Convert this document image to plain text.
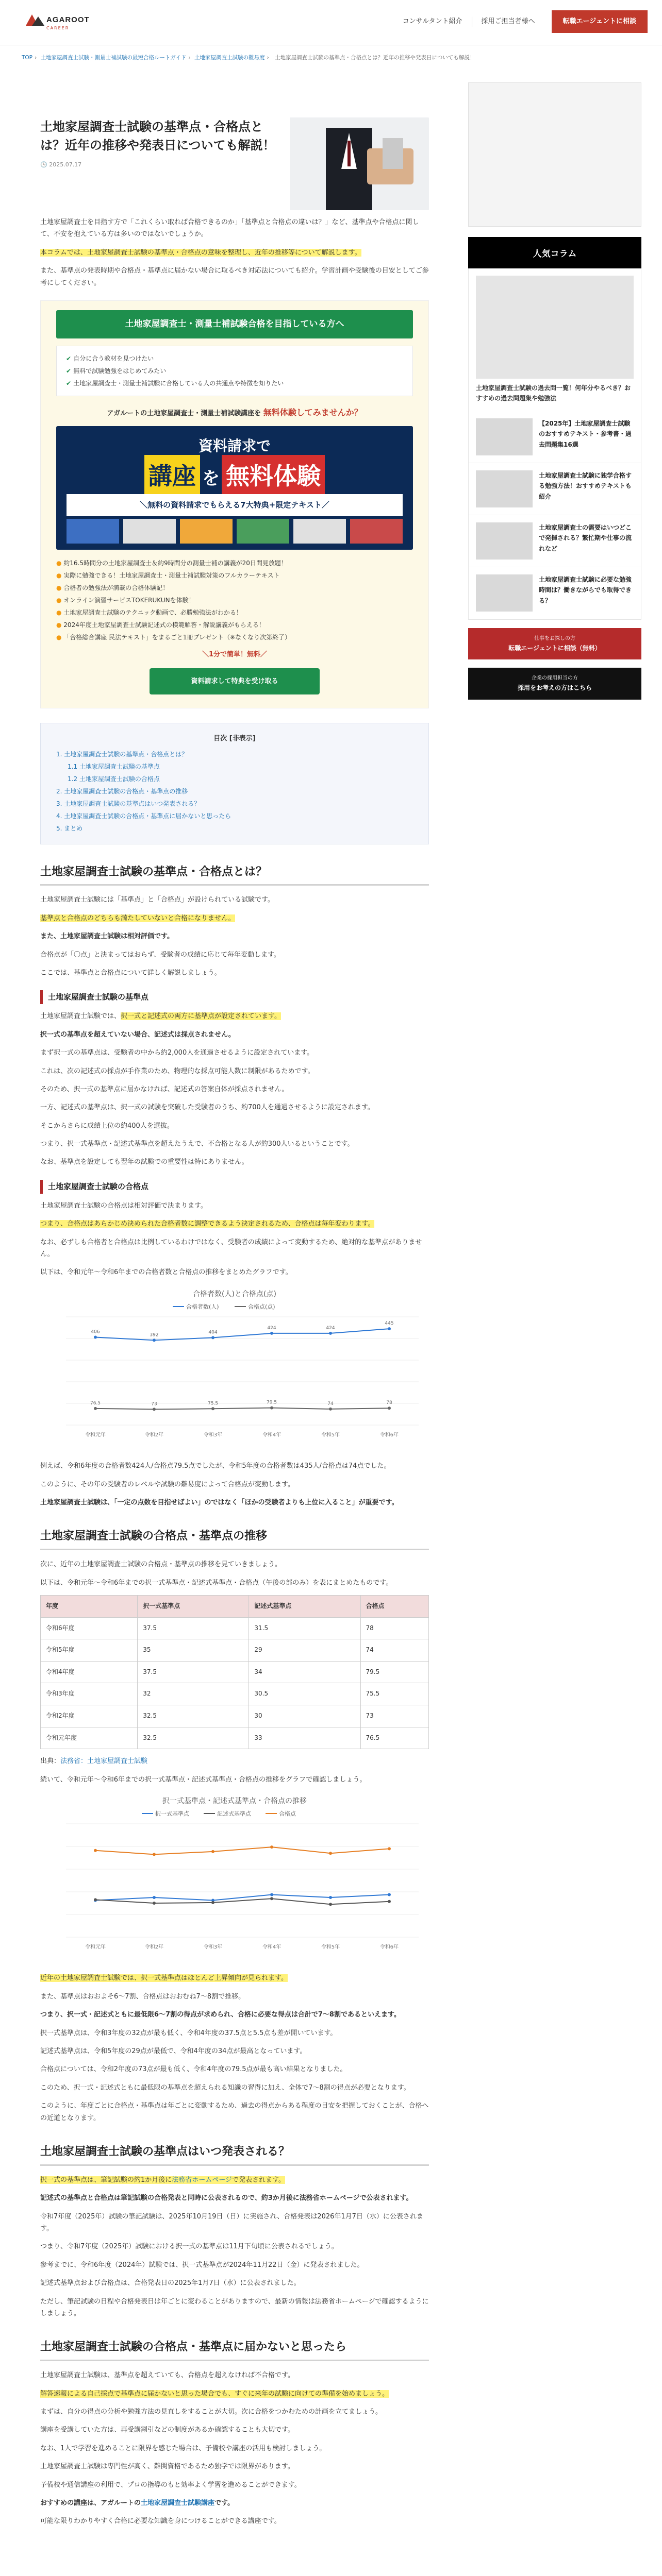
AGAROOT
CAREER
コンサルタント紹介	採用ご担当者様へ	転職エージェントに相談
TOP › 土地家屋調査士試験・測量士補試験の最短合格ルートガイド › 土地家屋調査士試験の難易度 › 土地家屋調査士試験の基準点・合格点とは？近年の推移や発表日についても解説！
土地家屋調査士試験の基準点・合格点とは？近年の推移や発表日についても解説！
🕓 2025.07.17

土地家屋調査士を目指す方で「これくらい取れば合格できるのか」「基準点と合格点の違いは？」など、基準点や合格点に関して、不安を抱えている方は多いのではないでしょうか。

本コラムでは、土地家屋調査士試験の基準点・合格点の意味を整理し、近年の推移等について解説します。

また、基準点の発表時期や合格点・基準点に届かない場合に取るべき対応法についても紹介。学習計画や受験後の目安としてご参考にしてください。

土地家屋調査士・測量士補試験合格を目指している方へ
✔ 自分に合う教材を見つけたい
✔ 無料で試験勉強をはじめてみたい
✔ 土地家屋調査士・測量士補試験に合格している人の共通点や特徴を知りたい
アガルートの土地家屋調査士・測量士補試験講座を 無料体験してみませんか？
資料請求で
講座 を 無料体験
＼無料の資料請求でもらえる7大特典+限定テキスト／
● 約16.5時間分の土地家屋調査士＆約9時間分の測量士補の講義が20日間見放題！
● 実際に勉強できる！土地家屋調査士・測量士補試験対策のフルカラーテキスト
● 合格者の勉強法が満載の合格体験記！
● オンライン演習サービスTOKERUKUNを体験！
● 土地家屋調査士試験のテクニック動画で、必勝勉強法がわかる！
● 2024年度土地家屋調査士試験記述式の模範解答・解説講義がもらえる！
● 「合格総合講座 民法テキスト」をまるごと1冊プレゼント（※なくなり次第終了）
＼1分で簡単！無料／
資料請求して特典を受け取る
目次 [非表示]
1. 土地家屋調査士試験の基準点・合格点とは？
1.1 土地家屋調査士試験の基準点
1.2 土地家屋調査士試験の合格点
2. 土地家屋調査士試験の合格点・基準点の推移
3. 土地家屋調査士試験の基準点はいつ発表される？
4. 土地家屋調査士試験の合格点・基準点に届かないと思ったら
5. まとめ
土地家屋調査士試験の基準点・合格点とは？

土地家屋調査士試験には「基準点」と「合格点」が設けられている試験です。

基準点と合格点のどちらも満たしていないと合格になりません。

また、土地家屋調査士試験は相対評価です。

合格点が「〇点」と決まってはおらず、受験者の成績に応じて毎年変動します。

ここでは、基準点と合格点について詳しく解説しましょう。

土地家屋調査士試験の基準点

土地家屋調査士試験では、択一式と記述式の両方に基準点が設定されています。

択一式の基準点を超えていない場合、記述式は採点されません。

まず択一式の基準点は、受験者の中から約2,000人を通過させるように設定されています。

これは、次の記述式の採点が手作業のため、物理的な採点可能人数に制限があるためです。

そのため、択一式の基準点に届かなければ、記述式の答案自体が採点されません。

一方、記述式の基準点は、択一式の試験を突破した受験者のうち、約700人を通過させるように設定されます。

そこからさらに成績上位の約400人を選抜。

つまり、択一式基準点・記述式基準点を超えたうえで、不合格となる人が約300人いるということです。

なお、基準点を設定しても翌年の試験での重要性は特にありません。

土地家屋調査士試験の合格点

土地家屋調査士試験の合格点は相対評価で決まります。

つまり、合格点はあらかじめ決められた合格者数に調整できるよう決定されるため、合格点は毎年変わります。

なお、必ずしも合格者と合格点は比例しているわけではなく、受験者の成績によって変動するため、絶対的な基準点がありません。

以下は、令和元年〜令和6年までの合格者数と合格点の推移をまとめたグラフです。

合格者数(人)と合格点(点)
合格者数(人)	合格点(点)
令和元年	令和2年	令和3年	令和4年	令和5年	令和6年
406
392
404
424	424
445
76.5	73	75.5	79.5	74	78

例えば、令和6年度の合格者数424人/合格点79.5点でしたが、令和5年度の合格者数は435人/合格点は74点でした。

このように、その年の受験者のレベルや試験の難易度によって合格点が変動します。

土地家屋調査士試験は、「一定の点数を目指せばよい」のではなく「ほかの受験者よりも上位に入ること」が重要です。

土地家屋調査士試験の合格点・基準点の推移

次に、近年の土地家屋調査士試験の合格点・基準点の推移を見ていきましょう。

以下は、令和元年〜令和6年までの択一式基準点・記述式基準点・合格点（午後の部のみ）を表にまとめたものです。

年度	択一式基準点	記述式基準点	合格点
令和6年度	37.5	31.5	78
令和5年度	35	29	74
令和4年度	37.5	34	79.5
令和3年度	32	30.5	75.5
令和2年度	32.5	30	73
令和元年度	32.5	33	76.5

出典：法務省：土地家屋調査士試験

続いて、令和元年〜令和6年までの択一式基準点・記述式基準点・合格点の推移をグラフで確認しましょう。

択一式基準点・記述式基準点・合格点の推移
択一式基準点	記述式基準点	合格点
令和元年	令和2年	令和3年	令和4年	令和5年	令和6年

近年の土地家屋調査士試験では、択一式基準点はほとんど上昇傾向が見られます。

また、基準点はおおよそ6〜7割、合格点はおおむね7〜8割で推移。

つまり、択一式・記述式ともに最低限6〜7割の得点が求められ、合格に必要な得点は合計で7〜8割であるといえます。

択一式基準点は、令和3年度の32点が最も低く、令和4年度の37.5点と5.5点も差が開いています。

記述式基準点は、令和5年度の29点が最低で、令和4年度の34点が最高となっています。

合格点については、令和2年度の73点が最も低く、令和4年度の79.5点が最も高い結果となりました。

このため、択一式・記述式ともに最低限の基準点を超えられる知識の習得に加え、全体で7〜8割の得点が必要となります。

このように、年度ごとに合格点・基準点は年ごとに変動するため、過去の得点からある程度の目安を把握しておくことが、合格への近道となります。

土地家屋調査士試験の基準点はいつ発表される？

択一式の基準点は、筆記試験の約1か月後に法務省ホームページで発表されます。

記述式の基準点と合格点は筆記試験の合格発表と同時に公表されるので、約3か月後に法務省ホームページで公表されます。

令和7年度（2025年）試験の筆記試験は、2025年10月19日（日）に実施され、合格発表は2026年1月7日（水）に公表されます。

つまり、令和7年度（2025年）試験における択一式の基準点は11月下旬頃に公表されるでしょう。

参考までに、令和6年度（2024年）試験では、択一式基準点が2024年11月22日（金）に発表されました。

記述式基準点および合格点は、合格発表日の2025年1月7日（水）に公表されました。

ただし、筆記試験の日程や合格発表日は年ごとに変わることがありますので、最新の情報は法務省ホームページで確認するようにしましょう。

土地家屋調査士試験の合格点・基準点に届かないと思ったら

土地家屋調査士試験は、基準点を超えていても、合格点を超えなければ不合格です。

解答速報による自己採点で基準点に届かないと思った場合でも、すぐに来年の試験に向けての準備を始めましょう。

まずは、自分の得点の分析や勉強方法の見直しをすることが大切。次に合格をつかむための計画を立てましょう。

講座を受講していた方は、再受講割引などの制度があるか確認することも大切です。

なお、1人で学習を進めることに限界を感じた場合は、予備校や講座の活用も検討しましょう。

土地家屋調査士試験は専門性が高く、難関資格であるため独学では限界があります。

予備校や通信講座の利用で、プロの指導のもと効率よく学習を進めることができます。

おすすめの講座は、アガルートの土地家屋調査士試験講座です。

可能な限りわかりやすく合格に必要な知識を身につけることができる講座です。

人気コラム
土地家屋調査士試験の過去問一覧！何年分やるべき？おすすめの過去問題集や勉強法
【2025年】土地家屋調査士試験のおすすめテキスト・参考書・過去問題集16選
土地家屋調査士試験に独学合格する勉強方法！おすすめテキストも紹介
土地家屋調査士の需要はいつどこで発揮される？繁忙期や仕事の流れなど
土地家屋調査士試験に必要な勉強時間は？働きながらでも取得できる？
仕事をお探しの方
転職エージェントに相談（無料）
企業の採用担当の方
採用をお考えの方はこちら
